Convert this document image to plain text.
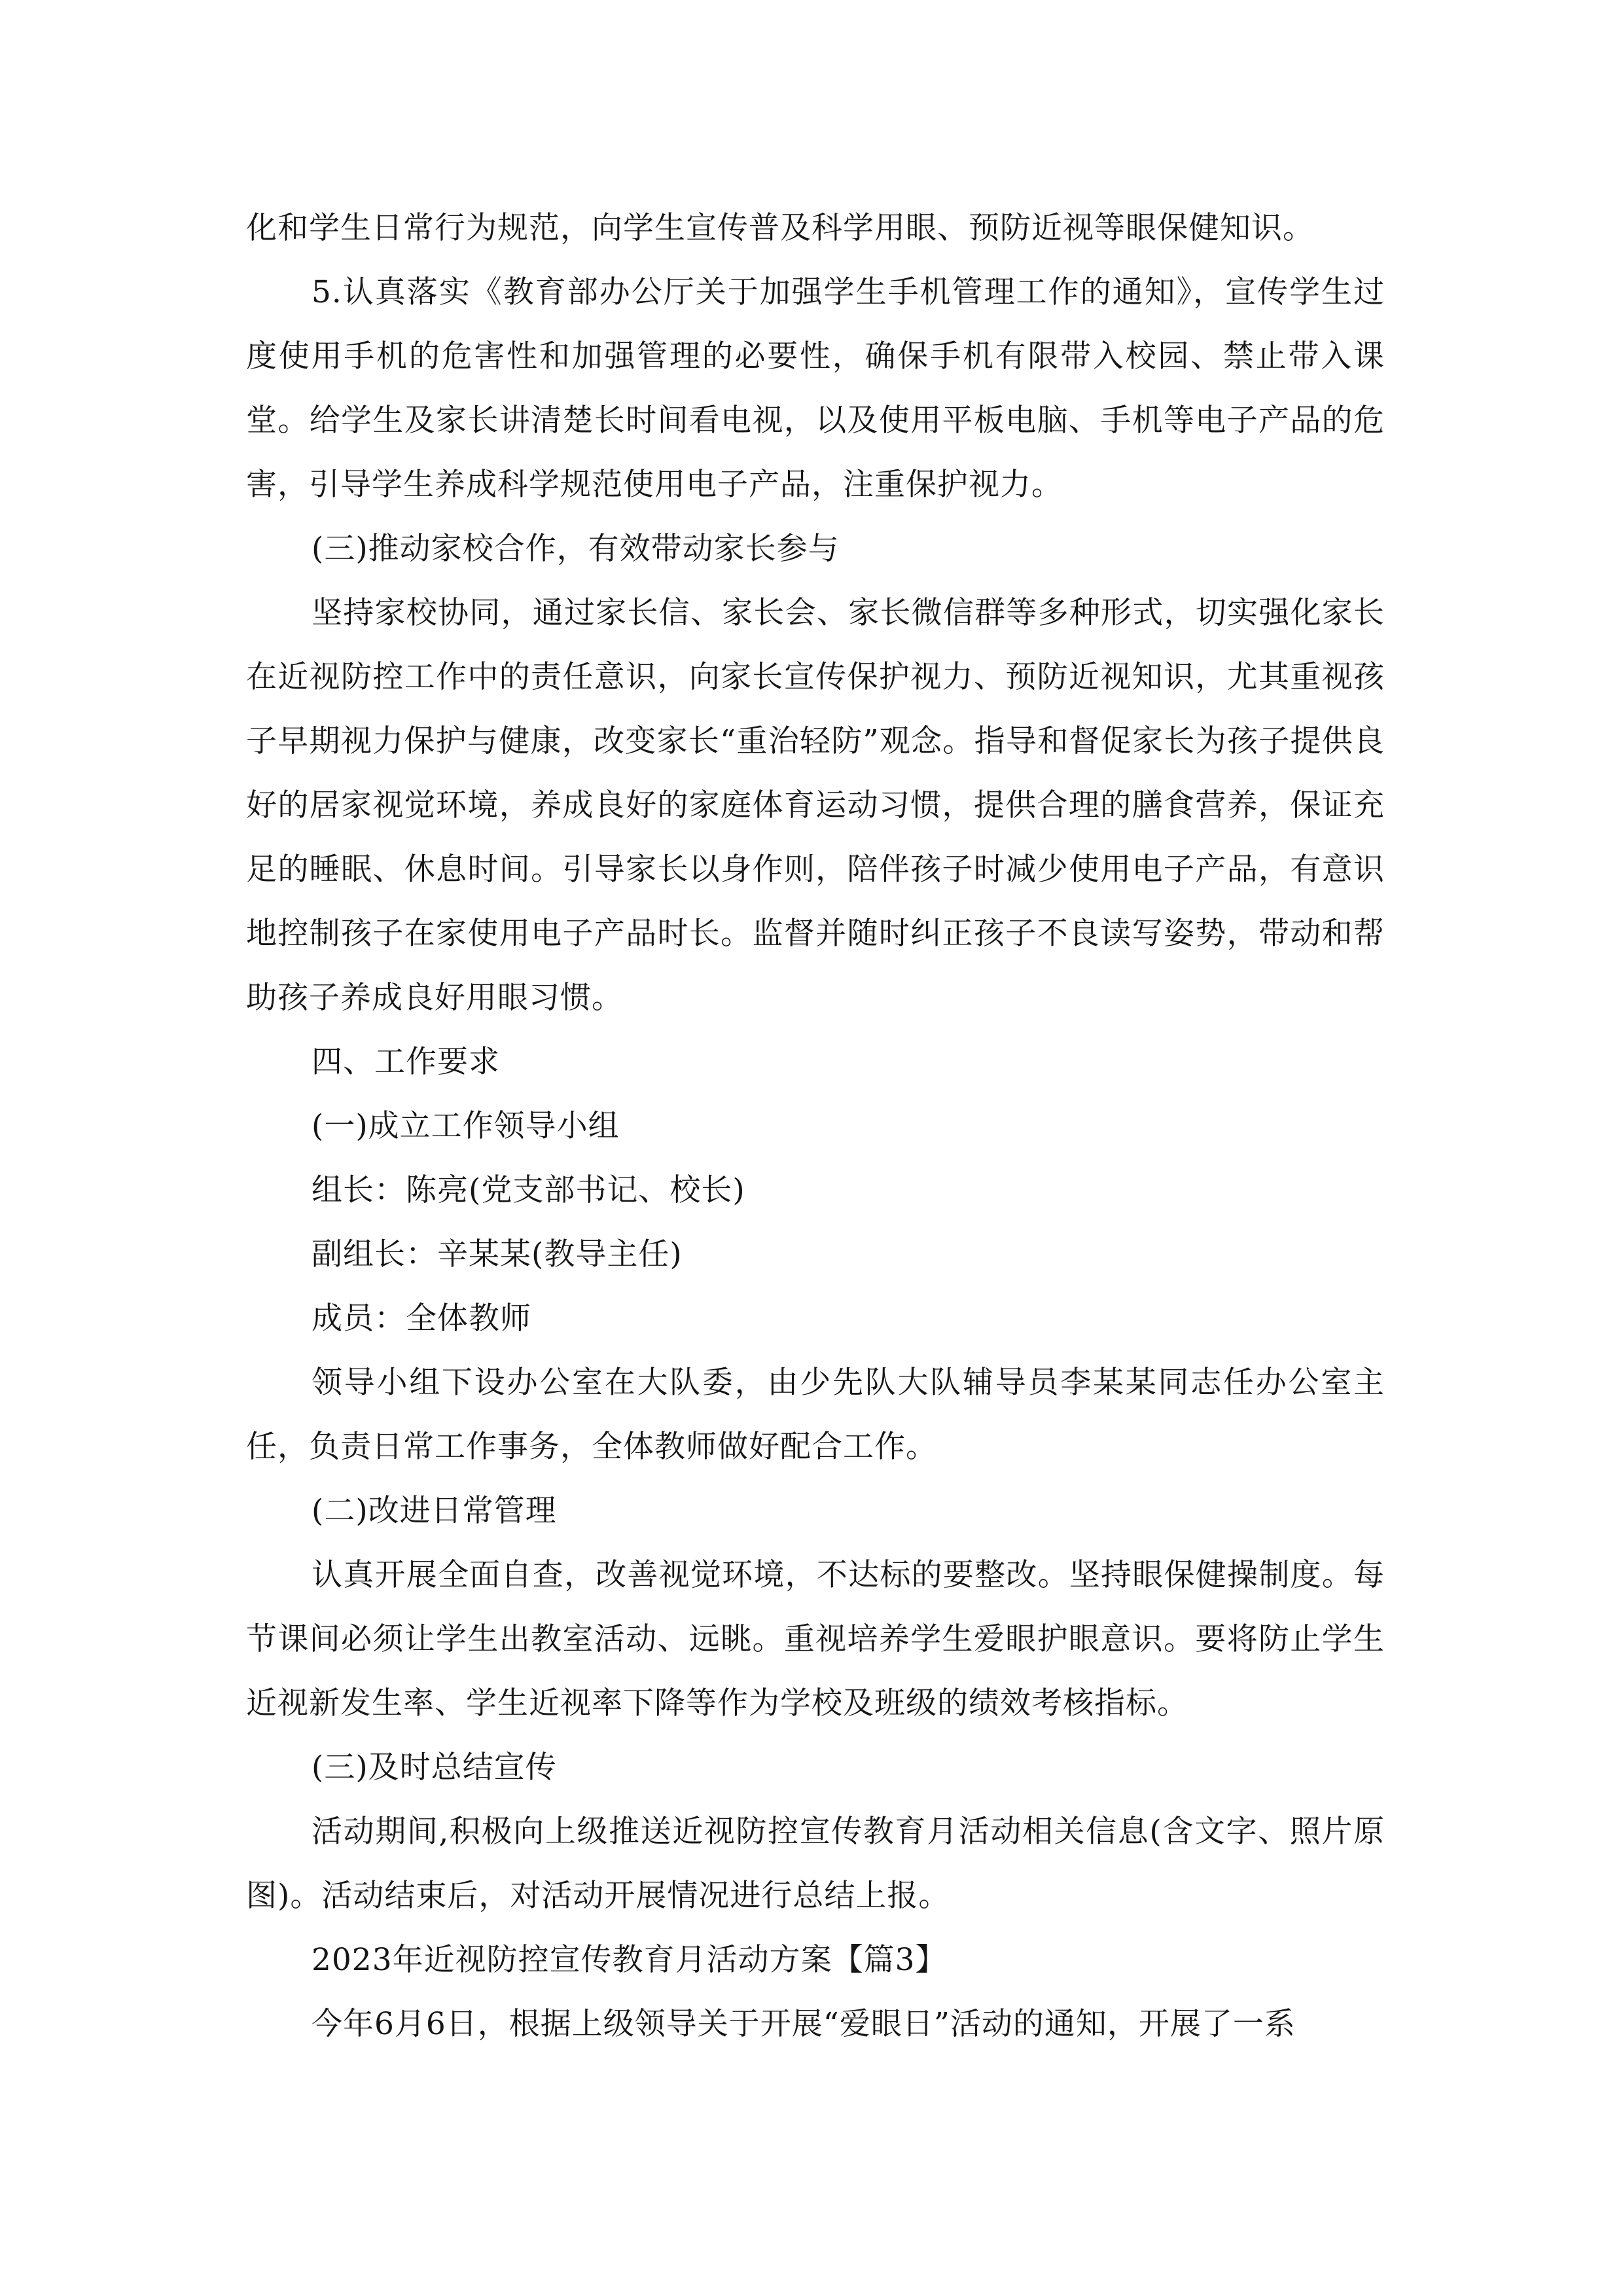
化和学生日常行为规范，向学生宣传普及科学用眼、预防近视等眼保健知识。

5.认真落实《教育部办公厅关于加强学生手机管理工作的通知》，宣传学生过度使用手机的危害性和加强管理的必要性，确保手机有限带入校园、禁止带入课堂。给学生及家长讲清楚长时间看电视，以及使用平板电脑、手机等电子产品的危害，引导学生养成科学规范使用电子产品，注重保护视力。

(三)推动家校合作，有效带动家长参与

坚持家校协同，通过家长信、家长会、家长微信群等多种形式，切实强化家长在近视防控工作中的责任意识，向家长宣传保护视力、预防近视知识，尤其重视孩子早期视力保护与健康，改变家长“重治轻防”观念。指导和督促家长为孩子提供良好的居家视觉环境，养成良好的家庭体育运动习惯，提供合理的膳食营养，保证充足的睡眠、休息时间。引导家长以身作则，陪伴孩子时减少使用电子产品，有意识地控制孩子在家使用电子产品时长。监督并随时纠正孩子不良读写姿势，带动和帮助孩子养成良好用眼习惯。

四、工作要求

(一)成立工作领导小组

组长：陈亮(党支部书记、校长)

副组长：辛某某(教导主任)

成员：全体教师

领导小组下设办公室在大队委，由少先队大队辅导员李某某同志任办公室主任，负责日常工作事务，全体教师做好配合工作。

(二)改进日常管理

认真开展全面自查，改善视觉环境，不达标的要整改。坚持眼保健操制度。每节课间必须让学生出教室活动、远眺。重视培养学生爱眼护眼意识。要将防止学生近视新发生率、学生近视率下降等作为学校及班级的绩效考核指标。

(三)及时总结宣传

活动期间,积极向上级推送近视防控宣传教育月活动相关信息(含文字、照片原图)。活动结束后，对活动开展情况进行总结上报。

2023年近视防控宣传教育月活动方案【篇3】

今年6月6日，根据上级领导关于开展“爱眼日”活动的通知，开展了一系
